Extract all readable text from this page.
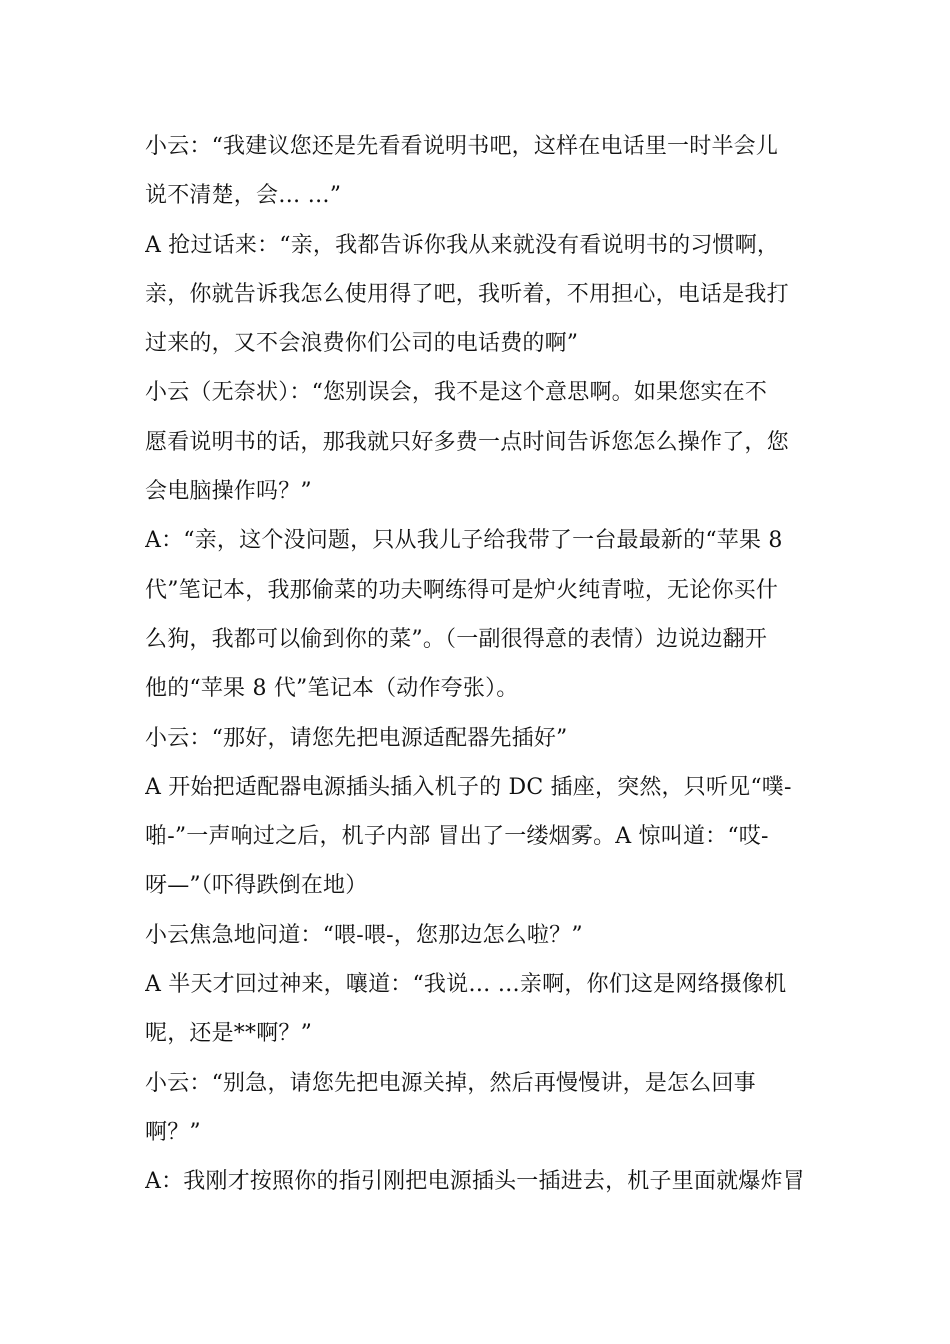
小云：“我建议您还是先看看说明书吧，这样在电话里一时半会儿
说不清楚，会… …”
A 抢过话来：“亲，我都告诉你我从来就没有看说明书的习惯啊，
亲，你就告诉我怎么使用得了吧，我听着，不用担心，电话是我打
过来的，又不会浪费你们公司的电话费的啊”
小云（无奈状）：“您别误会，我不是这个意思啊。如果您实在不
愿看说明书的话，那我就只好多费一点时间告诉您怎么操作了，您
会电脑操作吗？”
A：“亲，这个没问题，只从我儿子给我带了一台最最新的“苹果 8
代”笔记本，我那偷菜的功夫啊练得可是炉火纯青啦，无论你买什
么狗，我都可以偷到你的菜”。（一副很得意的表情）边说边翻开
他的“苹果 8 代”笔记本（动作夸张）。
小云：“那好，请您先把电源适配器先插好”
A 开始把适配器电源插头插入机子的 DC 插座，突然，只听见“噗-
啪-”一声响过之后，机子内部 冒出了一缕烟雾。A 惊叫道：“哎-
呀—”（吓得跌倒在地）
小云焦急地问道：“喂-喂-，您那边怎么啦？”
A 半天才回过神来，嚷道：“我说… …亲啊，你们这是网络摄像机
呢，还是**啊？”
小云：“别急，请您先把电源关掉，然后再慢慢讲，是怎么回事
啊？”
A：我刚才按照你的指引刚把电源插头一插进去，机子里面就爆炸冒
